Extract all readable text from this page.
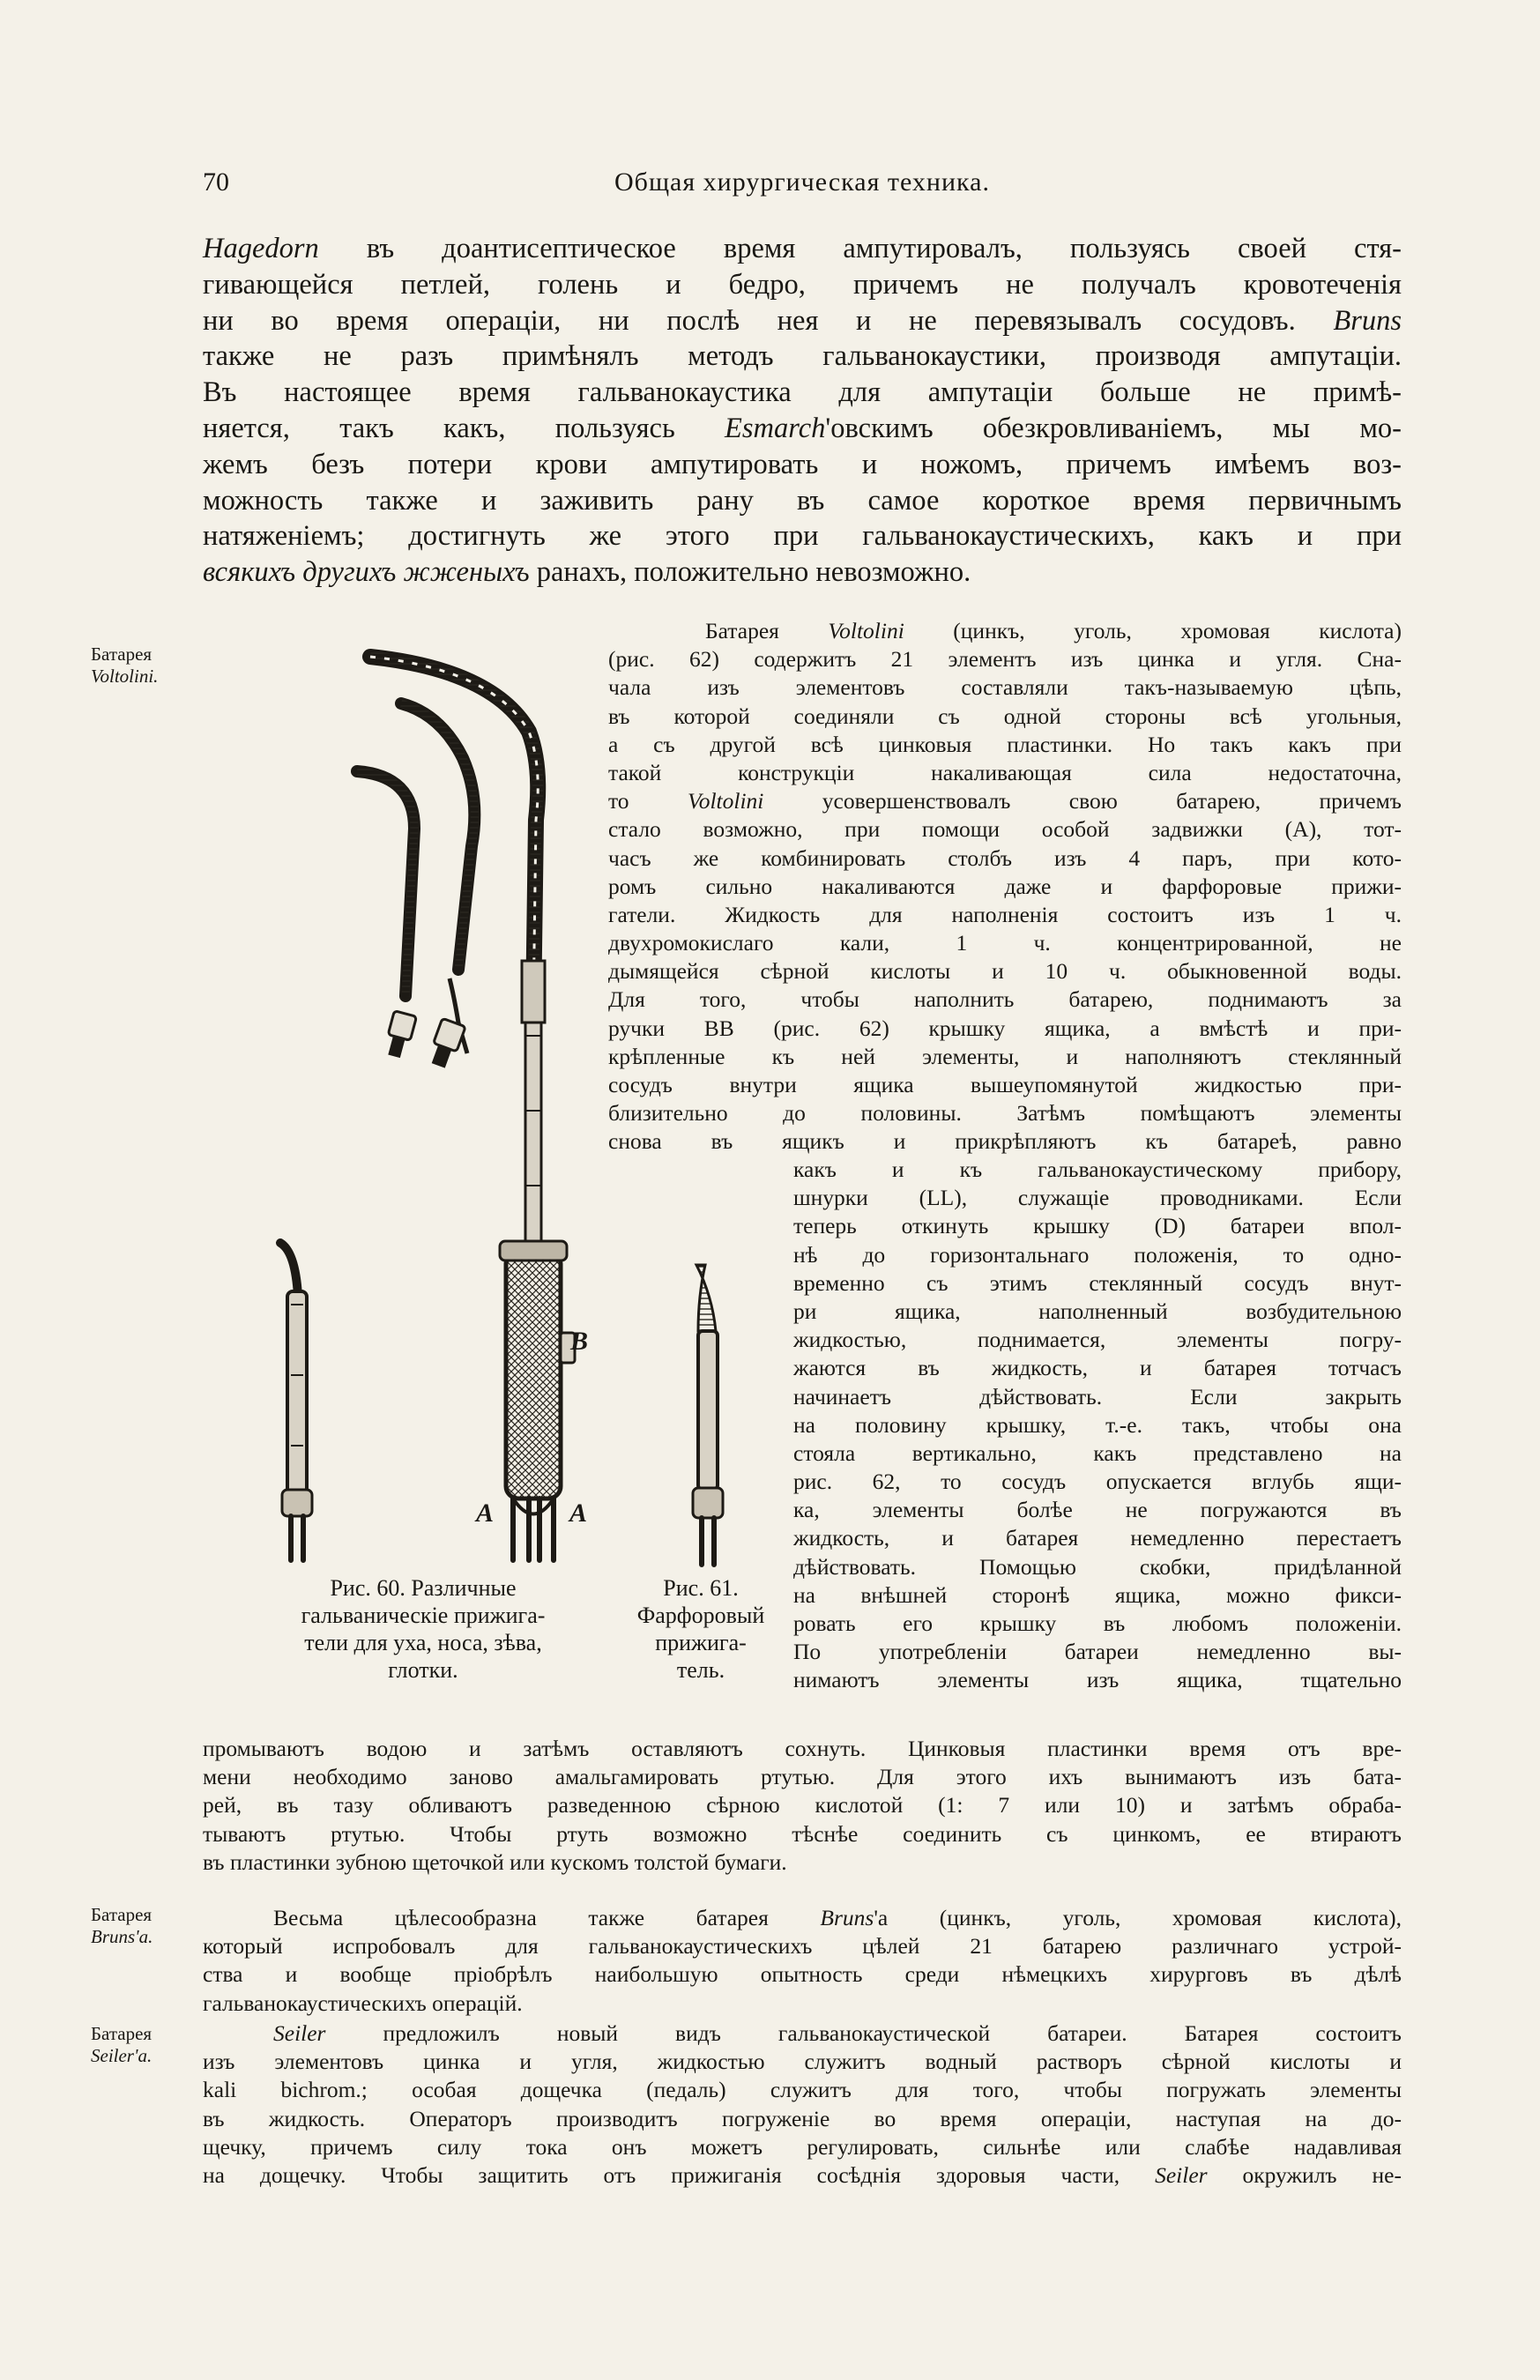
70	Общая хирургическая техника.
Hagedorn въ доантисептическое время ампутировалъ, пользуясь своей стя-
гивающейся петлей, голень и бедро, причемъ не получалъ кровотеченія
ни во время операціи, ни послѣ нея и не перевязывалъ сосудовъ. Bruns
также не разъ примѣнялъ методъ гальванокаустики, производя ампутаціи.
Въ настоящее время гальванокаустика для ампутаціи больше не примѣ-
няется, такъ какъ, пользуясь Esmarch'овскимъ обезкровливаніемъ, мы мо-
жемъ безъ потери крови ампутировать и ножомъ, причемъ имѣемъ воз-
можность также и заживить рану въ самое короткое время первичнымъ
натяженіемъ; достигнуть же этого при гальванокаустическихъ, какъ и при
всякихъ другихъ жженыхъ ранахъ, положительно невозможно.
Батарея
Voltolini.
Батарея
Bruns'а.
Батарея
Seiler'а.
Батарея Voltolini (цинкъ, уголь, хромовая кислота)
(рис. 62) содержитъ 21 элементъ изъ цинка и угля. Сна-
чала изъ элементовъ составляли такъ-называемую цѣпь,
въ которой соединяли съ одной стороны всѣ угольныя,
а съ другой всѣ цинковыя пластинки. Но такъ какъ при
такой конструкціи накаливающая сила недостаточна,
то Voltolini усовершенствовалъ свою батарею, причемъ
стало возможно, при помощи особой задвижки (A), тот-
часъ же комбинировать столбъ изъ 4 паръ, при кото-
ромъ сильно накаливаются даже и фарфоровые прижи-
гатели. Жидкость для наполненія состоитъ изъ 1 ч.
двухромокислаго кали, 1 ч. концентрированной, не
дымящейся сѣрной кислоты и 10 ч. обыкновенной воды.
Для того, чтобы наполнить батарею, поднимаютъ за
ручки BB (рис. 62) крышку ящика, а вмѣстѣ и при-
крѣпленные къ ней элементы, и наполняютъ стеклянный
сосудъ внутри ящика вышеупомянутой жидкостью при-
близительно до половины. Затѣмъ помѣщаютъ элементы
снова въ ящикъ и прикрѣпляютъ къ батареѣ, равно
какъ и къ гальванокаустическому прибору,
шнурки (LL), служащіе проводниками. Если
теперь откинуть крышку (D) батареи впол-
нѣ до горизонтальнаго положенія, то одно-
временно съ этимъ стеклянный сосудъ внут-
ри ящика, наполненный возбудительною
жидкостью, поднимается, элементы погру-
жаются въ жидкость, и батарея тотчасъ
начинаетъ дѣйствовать. Если закрыть
на половину крышку, т.-е. такъ, чтобы она
стояла вертикально, какъ представлено на
рис. 62, то сосудъ опускается вглубь ящи-
ка, элементы болѣе не погружаются въ
жидкость, и батарея немедленно перестаетъ
дѣйствовать. Помощью скобки, придѣланной
на внѣшней сторонѣ ящика, можно фикси-
ровать его крышку въ любомъ положеніи.
По употребленіи батареи немедленно вы-
нимаютъ элементы изъ ящика, тщательно
промываютъ водою и затѣмъ оставляютъ сохнуть. Цинковыя пластинки время отъ вре-
мени необходимо заново амальгамировать ртутью. Для этого ихъ вынимаютъ изъ бата-
рей, въ тазу обливаютъ разведенною сѣрною кислотой (1: 7 или 10) и затѣмъ обраба-
тываютъ ртутью. Чтобы ртуть возможно тѣснѣе соединить съ цинкомъ, ее втираютъ
въ пластинки зубною щеточкой или кускомъ толстой бумаги.
Весьма цѣлесообразна также батарея Bruns'а (цинкъ, уголь, хромовая кислота),
который испробовалъ для гальванокаустическихъ цѣлей 21 батарею различнаго устрой-
ства и вообще пріобрѣлъ наибольшую опытность среди нѣмецкихъ хирурговъ въ дѣлѣ
гальванокаустическихъ операцій.
Seiler предложилъ новый видъ гальванокаустической батареи. Батарея состоитъ
изъ элементовъ цинка и угля, жидкостью служитъ водный растворъ сѣрной кислоты и
kali bichrom.; особая дощечка (педаль) служитъ для того, чтобы погружать элементы
въ жидкость. Операторъ производитъ погруженіе во время операціи, наступая на до-
щечку, причемъ силу тока онъ можетъ регулировать, сильнѣе или слабѣе надавливая
на дощечку. Чтобы защитить отъ прижиганія сосѣднія здоровыя части, Seiler окружилъ не-
B
A	A
Рис. 60. Различные
гальваническіе прижига-
тели для уха, носа, зѣва,
глотки.
Рис. 61.
Фарфоровый
прижига-
тель.
